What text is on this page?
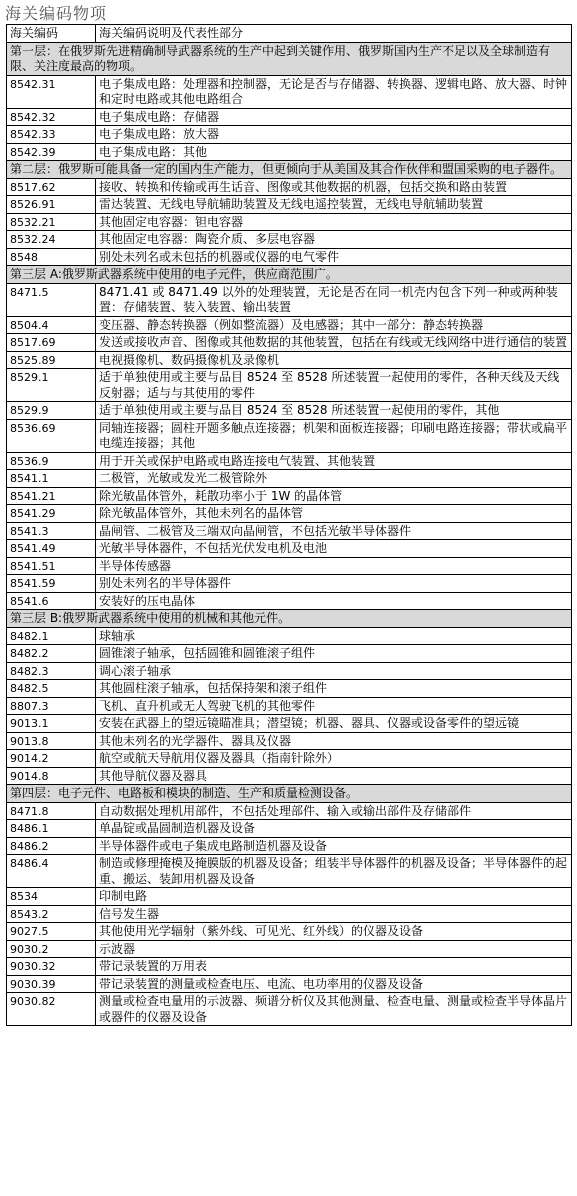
海关编码物项
海关编码	海关编码说明及代表性部分
第一层：在俄罗斯先进精确制导武器系统的生产中起到关键作用、俄罗斯国内生产不足以及全球制造有限、关注度最高的物项。	
8542.31	电子集成电路：处理器和控制器，无论是否与存储器、转换器、逻辑电路、放大器、时钟和定时电路或其他电路组合
8542.32	电子集成电路：存储器
8542.33	电子集成电路：放大器
8542.39	电子集成电路：其他
第二层：俄罗斯可能具备一定的国内生产能力，但更倾向于从美国及其合作伙伴和盟国采购的电子器件。	
8517.62	接收、转换和传输或再生话音、图像或其他数据的机器，包括交换和路由装置
8526.91	雷达装置、无线电导航辅助装置及无线电遥控装置，无线电导航辅助装置
8532.21	其他固定电容器：钽电容器
8532.24	其他固定电容器：陶瓷介质、多层电容器
8548	别处未列名或未包括的机器或仪器的电气零件
第三层 A:俄罗斯武器系统中使用的电子元件，供应商范围广。	
8471.5	8471.41 或 8471.49 以外的处理装置，无论是否在同一机壳内包含下列一种或两种装置：存储装置、装入装置、输出装置
8504.4	变压器、静态转换器（例如整流器）及电感器；其中一部分：静态转换器
8517.69	发送或接收声音、图像或其他数据的其他装置，包括在有线或无线网络中进行通信的装置
8525.89	电视摄像机、数码摄像机及录像机
8529.1	适于单独使用或主要与品目 8524 至 8528 所述装置一起使用的零件，各种天线及天线反射器；适与与其使用的零件
8529.9	适于单独使用或主要与品目 8524 至 8528 所述装置一起使用的零件，其他
8536.69	同轴连接器；圆柱开题多触点连接器；机架和面板连接器；印刷电路连接器；带状或扁平电缆连接器；其他
8536.9	用于开关或保护电路或电路连接电气装置、其他装置
8541.1	二极管，光敏或发光二极管除外
8541.21	除光敏晶体管外，耗散功率小于 1W 的晶体管
8541.29	除光敏晶体管外，其他未列名的晶体管
8541.3	晶闸管、二极管及三端双向晶闸管，不包括光敏半导体器件
8541.49	光敏半导体器件，不包括光伏发电机及电池
8541.51	半导体传感器
8541.59	别处未列名的半导体器件
8541.6	安装好的压电晶体
第三层 B:俄罗斯武器系统中使用的机械和其他元件。	
8482.1	球轴承
8482.2	圆锥滚子轴承，包括圆锥和圆锥滚子组件
8482.3	调心滚子轴承
8482.5	其他圆柱滚子轴承，包括保持架和滚子组件
8807.3	飞机、直升机或无人驾驶飞机的其他零件
9013.1	安装在武器上的望远镜瞄准具；潜望镜；机器、器具、仪器或设备零件的望远镜
9013.8	其他未列名的光学器件、器具及仪器
9014.2	航空或航天导航用仪器及器具（指南针除外）
9014.8	其他导航仪器及器具
第四层：电子元件、电路板和模块的制造、生产和质量检测设备。	
8471.8	自动数据处理机用部件，不包括处理部件、输入或输出部件及存储部件
8486.1	单晶锭或晶圆制造机器及设备
8486.2	半导体器件或电子集成电路制造机器及设备
8486.4	制造或修理掩模及掩膜版的机器及设备；组装半导体器件的机器及设备；半导体器件的起重、搬运、装卸用机器及设备
8534	印制电路
8543.2	信号发生器
9027.5	其他使用光学辐射（紫外线、可见光、红外线）的仪器及设备
9030.2	示波器
9030.32	带记录装置的万用表
9030.39	带记录装置的测量或检查电压、电流、电功率用的仪器及设备
9030.82	测量或检查电量用的示波器、频谱分析仪及其他测量、检查电量、测量或检查半导体晶片或器件的仪器及设备
